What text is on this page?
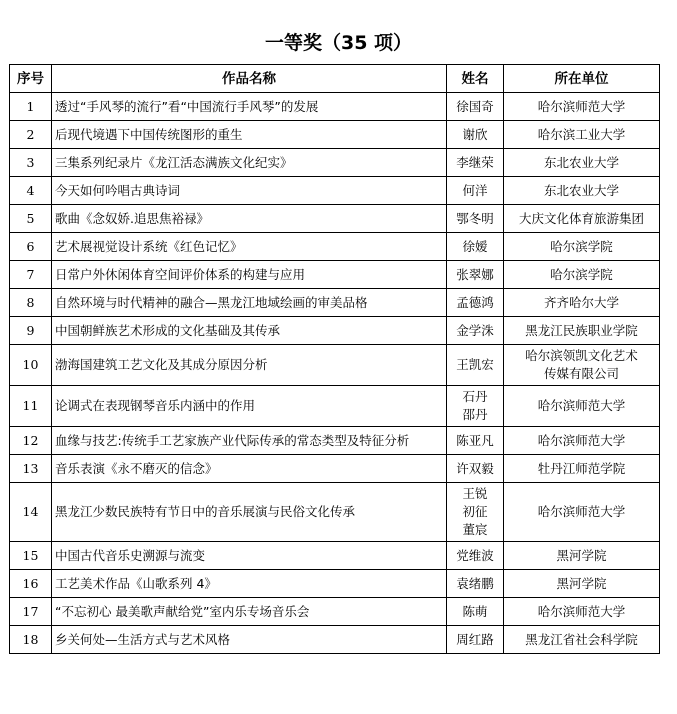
一等奖（35 项）
序号	作品名称	姓名	所在单位
1	透过“手风琴的流行”看“中国流行手风琴”的发展	徐国奇	哈尔滨师范大学

2	后现代境遇下中国传统图形的重生	谢欣	哈尔滨工业大学

3	三集系列纪录片《龙江活态满族文化纪实》	李继荣	东北农业大学

4	今天如何吟唱古典诗词	何洋	东北农业大学

5	歌曲《念奴娇.追思焦裕禄》	鄂冬明	大庆文化体育旅游集团

6	艺术展视觉设计系统《红色记忆》	徐嫒	哈尔滨学院

7	日常户外休闲体育空间评价体系的构建与应用	张翠娜	哈尔滨学院

8	自然环境与时代精神的融合—黑龙江地域绘画的审美品格	孟德鸿	齐齐哈尔大学

9	中国朝鲜族艺术形成的文化基础及其传承	金学洙	黑龙江民族职业学院

10	渤海国建筑工艺文化及其成分原因分析	王凯宏	哈尔滨领凯文化艺术
传媒有限公司

11	论调式在表现钢琴音乐内涵中的作用	石丹
邵丹	哈尔滨师范大学

12	血缘与技艺:传统手工艺家族产业代际传承的常态类型及特征分析	陈亚凡	哈尔滨师范大学

13	音乐表演《永不磨灭的信念》	许双毅	牡丹江师范学院

14	黑龙江少数民族特有节日中的音乐展演与民俗文化传承	王锐
初征
董宸	哈尔滨师范大学

15	中国古代音乐史溯源与流变	党维波	黑河学院

16	工艺美术作品《山歌系列 4》	袁绪鹏	黑河学院

17	“不忘初心 最美歌声献给党”室内乐专场音乐会	陈萌	哈尔滨师范大学

18	乡关何处—生活方式与艺术风格	周红路	黑龙江省社会科学院
